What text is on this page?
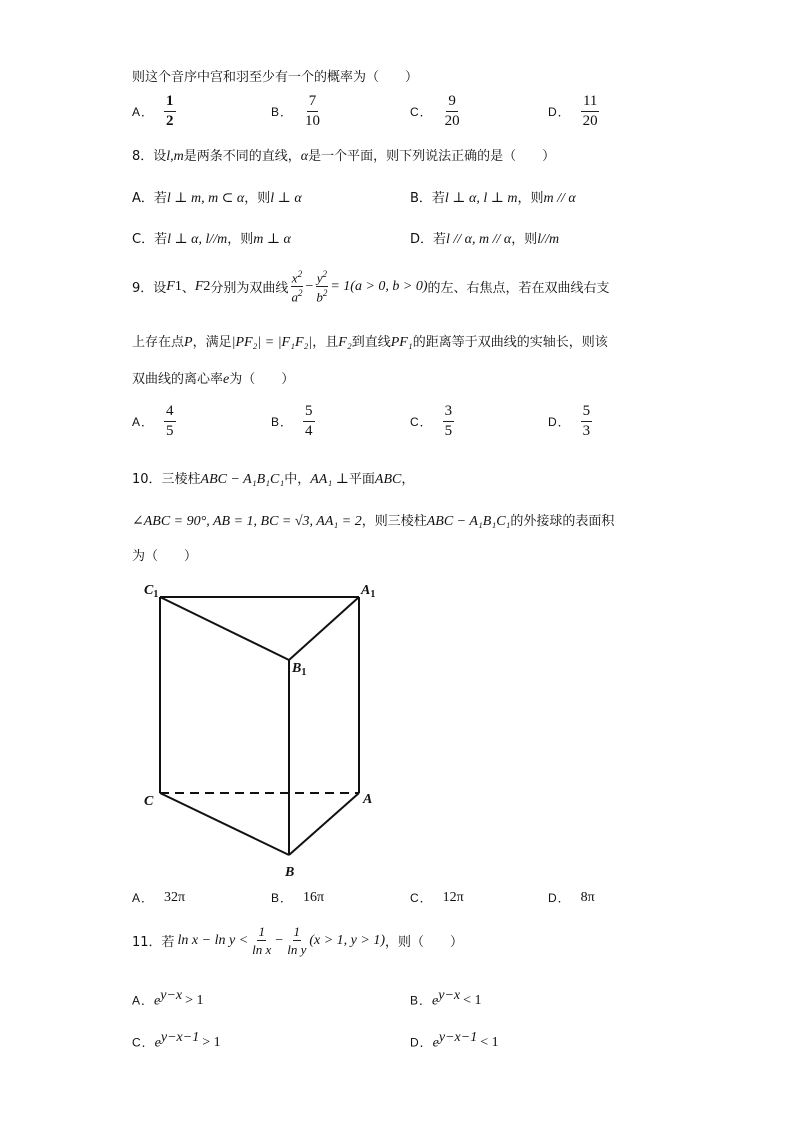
则这个音序中宫和羽至少有一个的概率为（　　）
A． $\frac{1}{2}$	B． $\frac{7}{10}$	C． $\frac{9}{20}$	D． $\frac{11}{20}$
8．设l,m是两条不同的直线，α是一个平面，则下列说法正确的是（　　）
A．若l ⊥ m, m ⊂ α，则l ⊥ α	B．若l ⊥ α, l ⊥ m，则m // α
C．若l ⊥ α, l//m，则m ⊥ α	D．若l // α, m // α，则l//m
9．设 F 1 、 F 2 分别为双曲线 $\frac{x^2}{a^2} - \frac{y^2}{b^2} = 1(a > 0$, b > 0) 的左、右焦点，若在双曲线右支
上存在点P，满足|PF₂| = |F₁F₂|，且F₂到直线PF₁的距离等于双曲线的实轴长，则该
双曲线的离心率e为（　　）
A． $\frac{4}{5}$	B． $\frac{5}{4}$	C． $\frac{3}{5}$	D． $\frac{5}{3}$
10．三棱柱ABC − A₁B₁C₁中，AA₁ ⊥平面ABC，
∠ABC = 90°, AB = 1, BC = √3, AA₁ = 2，则三棱柱ABC − A₁B₁C₁的外接球的表面积
为（　　）
$C_1$	$A_1$
$B_1$
C	A
B
A． 32π	B． 16π	C． 12π	D． 8π
11．若 $\ln x - \ln y < \frac{1}{\text{ln x}} - \frac{1}{\text{ln y}} (x > 1$, y > 1) ，则（　　）
A．$e^{y-x} > 1$	B．$e^{y-x} < 1$
C．$e^{y-x-1} > 1$	D．$e^{y-x-1} < 1$
